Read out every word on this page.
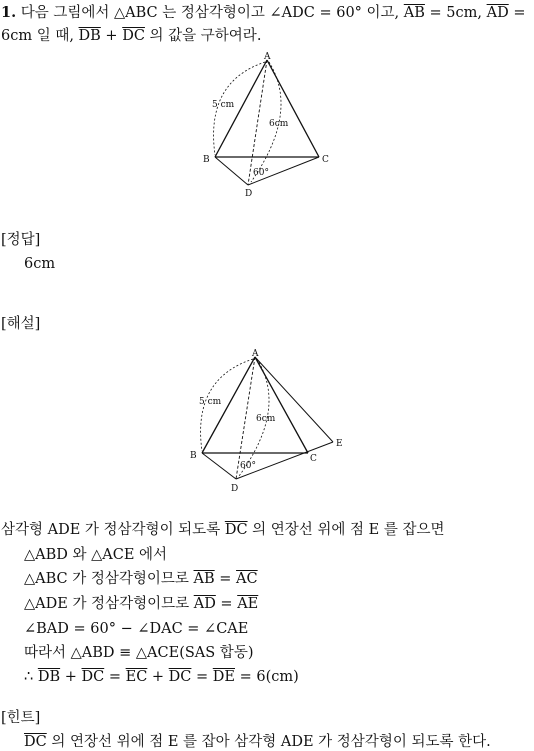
1. 다음 그림에서 △ABC 는 정삼각형이고 ∠ADC = 60° 이고, $\overline{AB} = 5cm$, $\overline{AD}$ =
6cm 일 때, $\overline{DB} + \overline{DC}$ 의 값을 구하여라.
A
B	C
D
5 cm
6cm
60°
[정답]
6cm
[해설]
A
B	C
D
E
5 cm
6cm
60°
삼각형 ADE 가 정삼각형이 되도록 $\overline{DC}$ 의 연장선 위에 점 E 를 잡으면
△ABD 와 △ACE 에서
△ABC 가 정삼각형이므로 $\overline{AB} = \overline{AC}$
△ADE 가 정삼각형이므로 $\overline{AD} = \overline{AE}$
∠BAD = 60° − ∠DAC = ∠CAE
따라서 △ABD ≡ △ACE(SAS 합동)
∴ $\overline{DB} + \overline{DC} = \overline{EC} + \overline{DC} = \overline{DE} = 6(cm)$
[힌트]
$\overline{DC}$ 의 연장선 위에 점 E 를 잡아 삼각형 ADE 가 정삼각형이 되도록 한다.
